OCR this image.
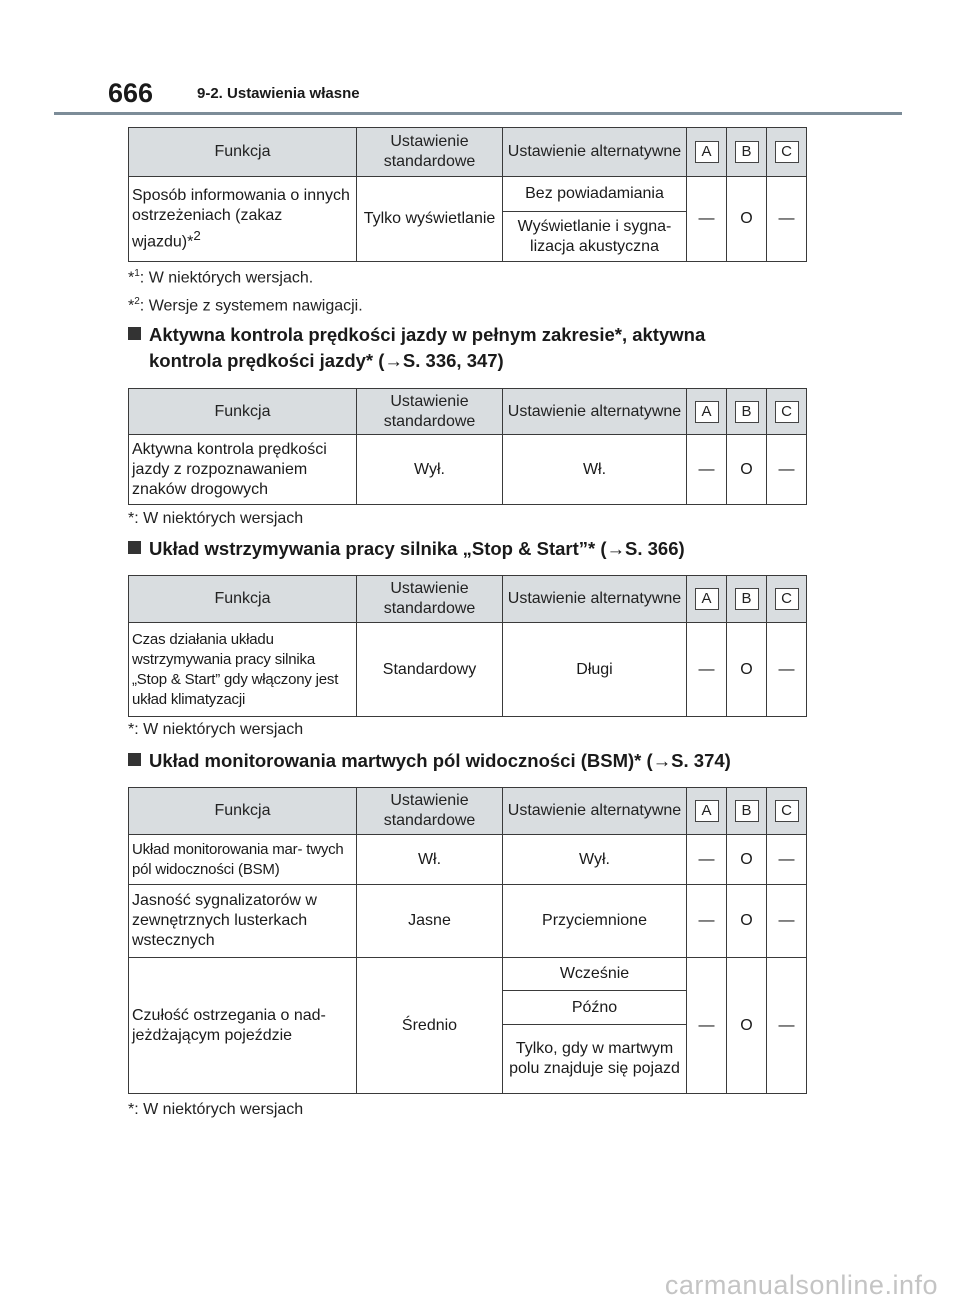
666	9-2. Ustawienia własne
Funkcja	Ustawienie standardowe	Ustawienie alternatywne	A	B	C
Sposób informowania o innych ostrzeżeniach (zakaz wjazdu)*$^2$	Tylko wyświetlanie	Bez powiadamiania	—	O	—
		Wyświetlanie i sygna- lizacja akustyczna			
*$^1$: W niektórych wersjach.
*$^2$: Wersje z systemem nawigacji.
Aktywna kontrola prędkości jazdy w pełnym zakresie*, aktywna
kontrola prędkości jazdy* (→S. 336, 347)
Funkcja	Ustawienie standardowe	Ustawienie alternatywne	A	B	C
Aktywna kontrola prędkości jazdy z rozpoznawaniem znaków drogowych	Wył.	Wł.	—	O	—
*: W niektórych wersjach
Układ wstrzymywania pracy silnika „Stop & Start”* (→S. 366)
Funkcja	Ustawienie standardowe	Ustawienie alternatywne	A	B	C
Czas działania układu wstrzymywania pracy silnika „Stop & Start” gdy włączony jest układ klimatyzacji	Standardowy	Długi	—	O	—
*: W niektórych wersjach
Układ monitorowania martwych pól widoczności (BSM)* (→S. 374)
Funkcja	Ustawienie standardowe	Ustawienie alternatywne	A	B	C
Układ monitorowania mar- twych pól widoczności (BSM)	Wł.	Wył.	—	O	—
Jasność sygnalizatorów w zewnętrznych lusterkach wstecznych	Jasne	Przyciemnione	—	O	—
Czułość ostrzegania o nad- jeżdżającym pojeździe	Średnio	Wcześnie	—	O	—
		Późno			
		Tylko, gdy w martwym polu znajduje się pojazd			
*: W niektórych wersjach
carmanualsonline.info
